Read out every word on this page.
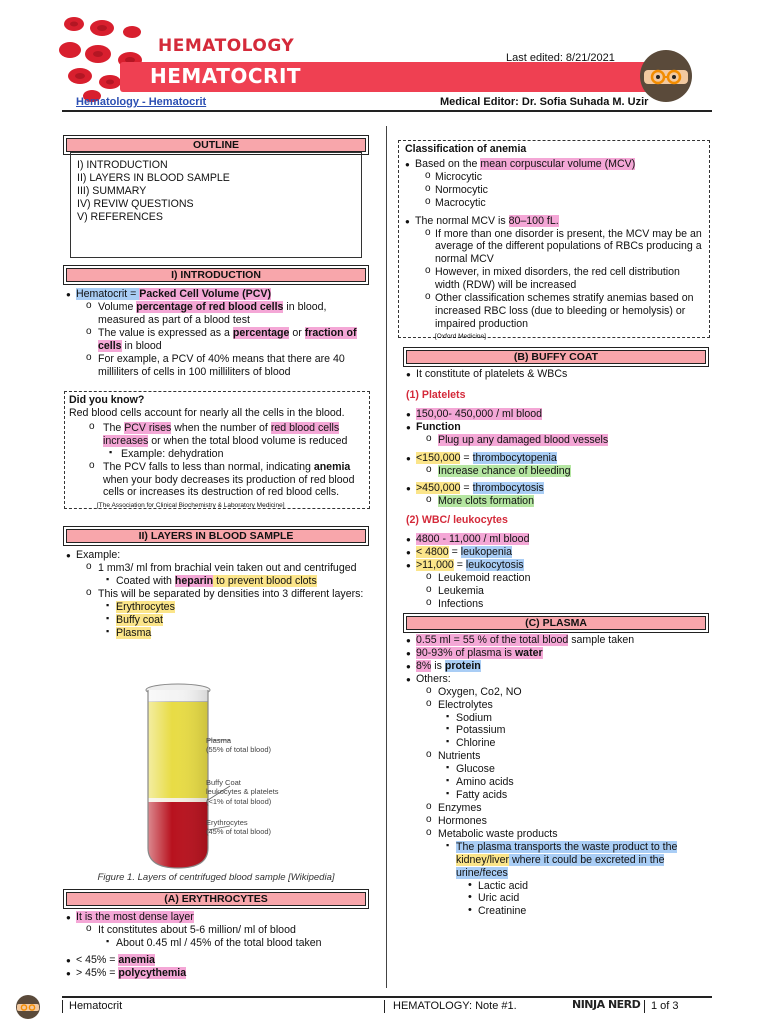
HEMATOLOGY
HEMATOCRIT
Last edited: 8/21/2021
Hematology - Hematocrit	Medical Editor: Dr. Sofia Suhada M. Uzir
OUTLINE
I) INTRODUCTION
II) LAYERS IN BLOOD SAMPLE
III) SUMMARY
IV) REVIW QUESTIONS
V) REFERENCES
I) INTRODUCTION
● Hematocrit = Packed Cell Volume (PCV)
o Volume percentage of red blood cells in blood, measured as part of a blood test
o The value is expressed as a percentage or fraction of cells in blood
o For example, a PCV of 40% means that there are 40 milliliters of cells in 100 milliliters of blood
Did you know?
Red blood cells account for nearly all the cells in the blood.
o The PCV rises when the number of red blood cells increases or when the total blood volume is reduced
▪ Example: dehydration
o The PCV falls to less than normal, indicating anemia when your body decreases its production of red blood cells or increases its destruction of red blood cells.
[The Association for Clinical Biochemistry & Laboratory Medicine]
II) LAYERS IN BLOOD SAMPLE
● Example:
o 1 mm3/ ml from brachial vein taken out and centrifuged
▪ Coated with heparin to prevent blood clots
o This will be separated by densities into 3 different layers:
▪ Erythrocytes
▪ Buffy coat
▪ Plasma
Plasma
(55% of total blood)
Buffy Coat
leukocytes & platelets
(<1% of total blood)
Erythrocytes
(45% of total blood)
Figure 1. Layers of centrifuged blood sample [Wikipedia]
(A) ERYTHROCYTES
● It is the most dense layer
o It constitutes about 5-6 million/ ml of blood
▪ About 0.45 ml / 45% of the total blood taken
● < 45% = anemia
● > 45% = polycythemia
Classification of anemia
● Based on the mean corpuscular volume (MCV)
o Microcytic
o Normocytic
o Macrocytic
● The normal MCV is 80–100 fL.
o If more than one disorder is present, the MCV may be an average of the different populations of RBCs producing a normal MCV
o However, in mixed disorders, the red cell distribution width (RDW) will be increased
o Other classification schemes stratify anemias based on increased RBC loss (due to bleeding or hemolysis) or impaired production
[Oxford Medicine]
(B) BUFFY COAT
● It constitute of platelets & WBCs
(1) Platelets
● 150,00- 450,000 / ml blood
● Function
o Plug up any damaged blood vessels
● <150,000 = thrombocytopenia
o Increase chance of bleeding
● >450,000 = thrombocytosis
o More clots formation
(2) WBC/ leukocytes
● 4800 - 11,000 / ml blood
● < 4800 = leukopenia
● >11,000 = leukocytosis
o Leukemoid reaction
o Leukemia
o Infections
(C) PLASMA
● 0.55 ml = 55 % of the total blood sample taken
● 90-93% of plasma is water
● 8% is protein
● Others:
o Oxygen, Co2, NO
o Electrolytes
▪ Sodium
▪ Potassium
▪ Chlorine
o Nutrients
▪ Glucose
▪ Amino acids
▪ Fatty acids
o Enzymes
o Hormones
o Metabolic waste products
▪ The plasma transports the waste product to the kidney/liver where it could be excreted in the urine/feces
• Lactic acid
• Uric acid
• Creatinine
Hematocrit	HEMATOLOGY: Note #1.	NINJA NERD 1 of 3
